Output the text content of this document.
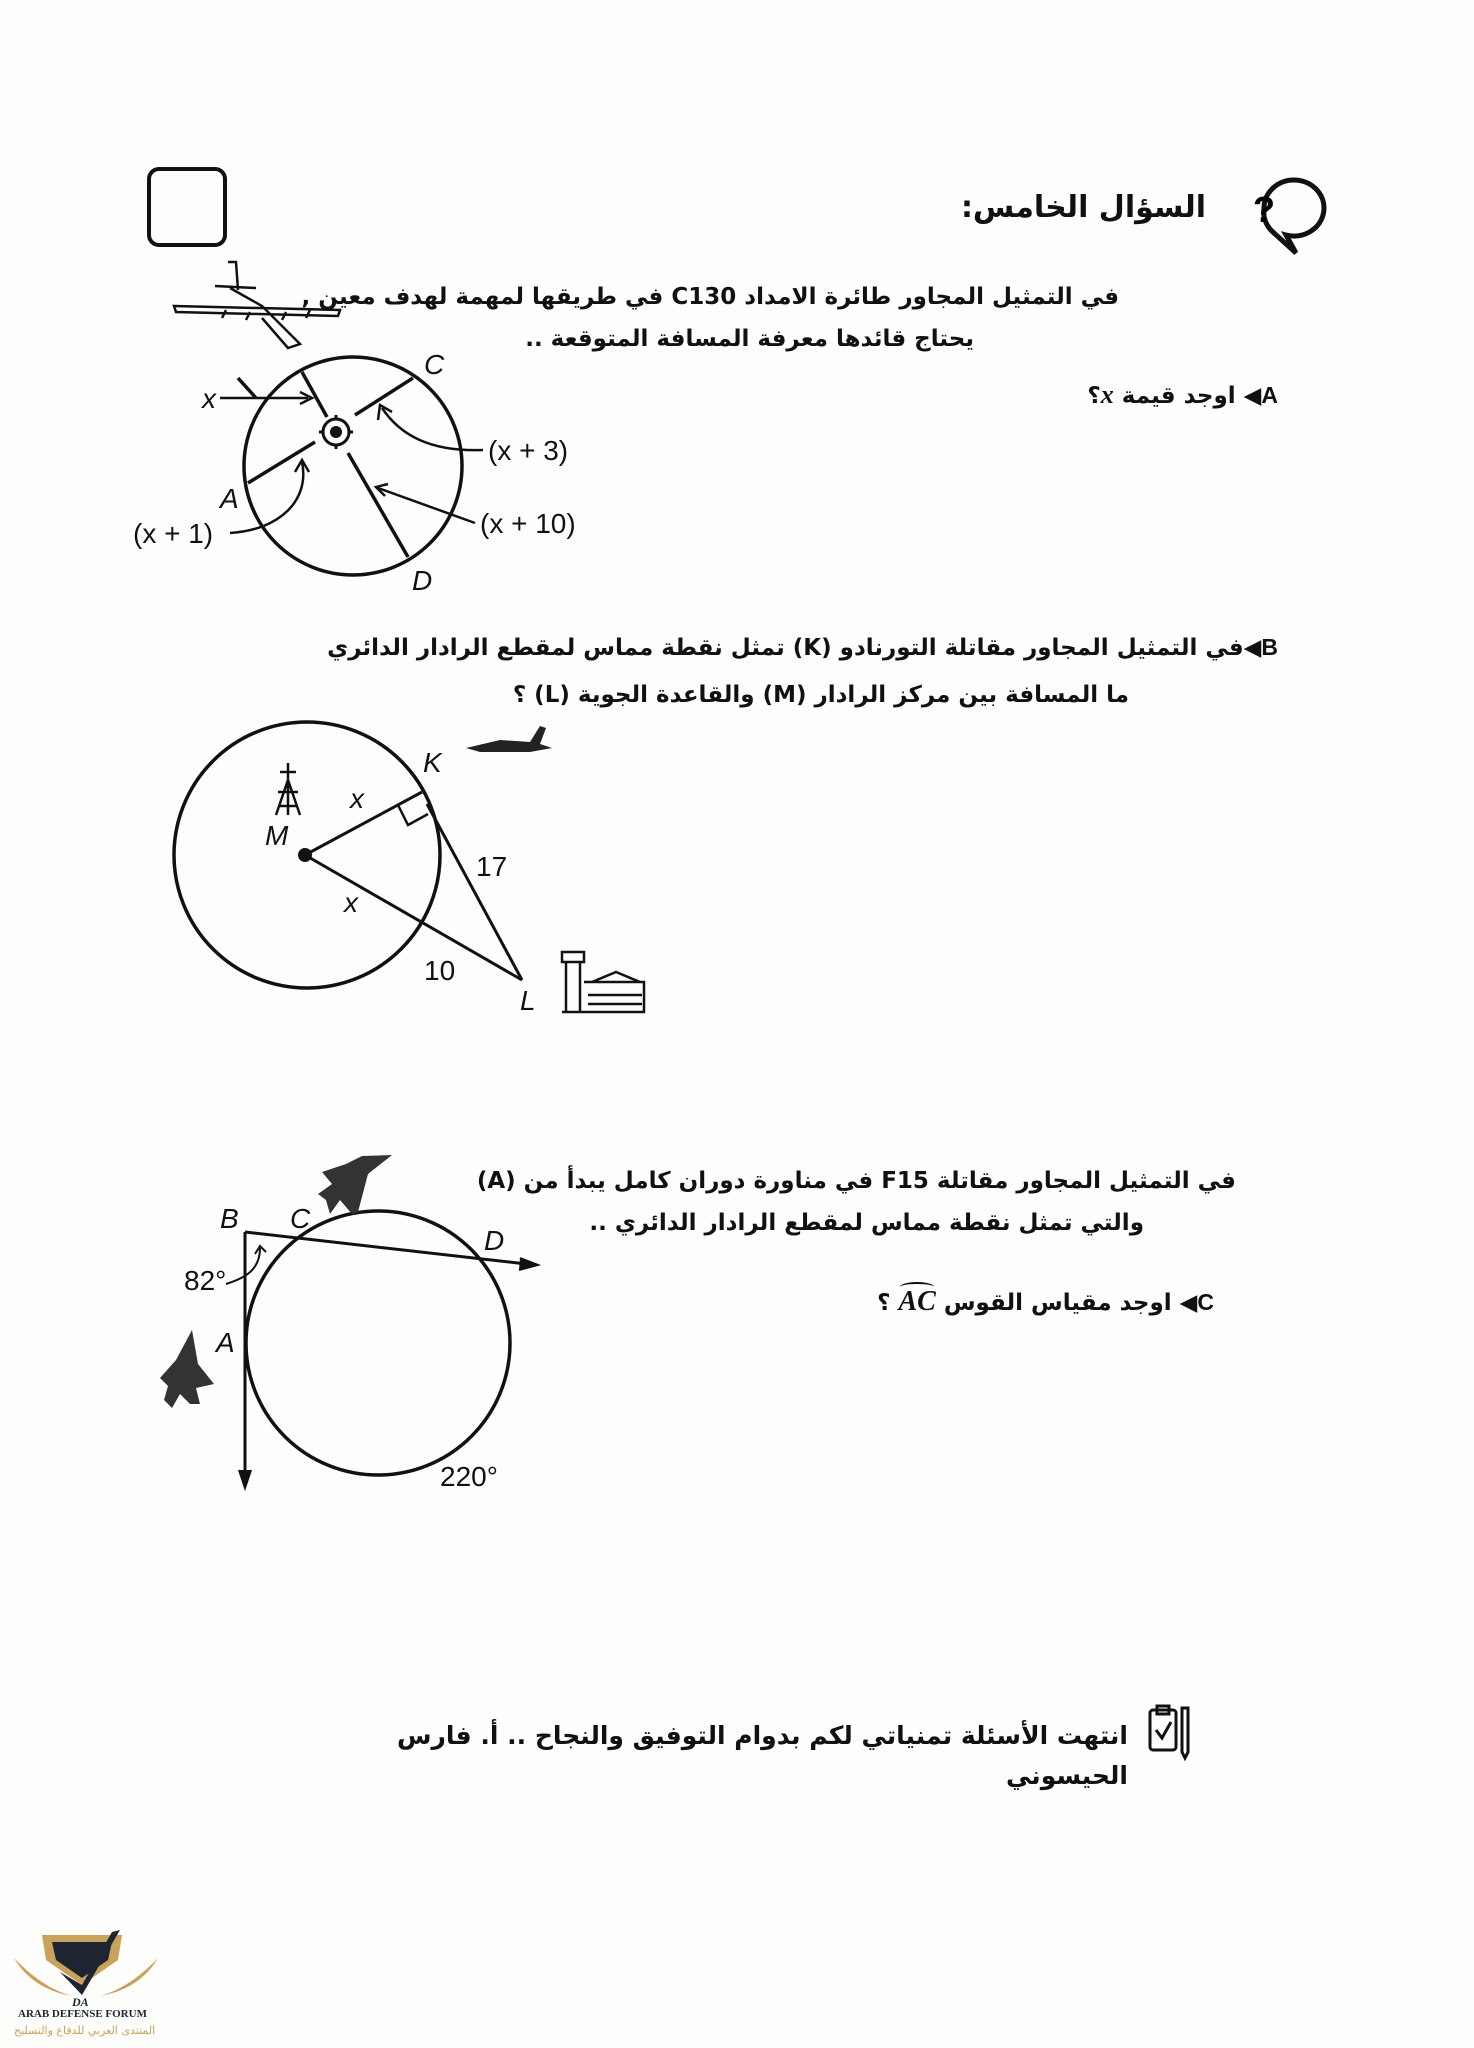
?
السؤال الخامس:
في التمثيل المجاور طائرة الامداد C130 في طريقها لمهمة لهدف معين ,
يحتاج قائدها معرفة المسافة المتوقعة ..
A◀ اوجد قيمة x؟
B◀في التمثيل المجاور مقاتلة التورنادو (K) تمثل نقطة مماس لمقطع الرادار الدائري
ما المسافة بين مركز الرادار (M) والقاعدة الجوية (L) ؟
في التمثيل المجاور مقاتلة F15 في مناورة دوران كامل يبدأ من (A)
والتي تمثل نقطة مماس لمقطع الرادار الدائري ..
C◀ اوجد مقياس القوس AC ؟
انتهت الأسئلة تمنياتي لكم بدوام التوفيق والنجاح .. أ. فارس الحيسوني
C
D
A
x
(x + 3)
(x + 10)
(x + 1)
K
M
L
x
x
17
10
B C
D
A
82°
220°
DA
ARAB DEFENSE FORUM
المنتدى العربي للدفاع والتسليح
